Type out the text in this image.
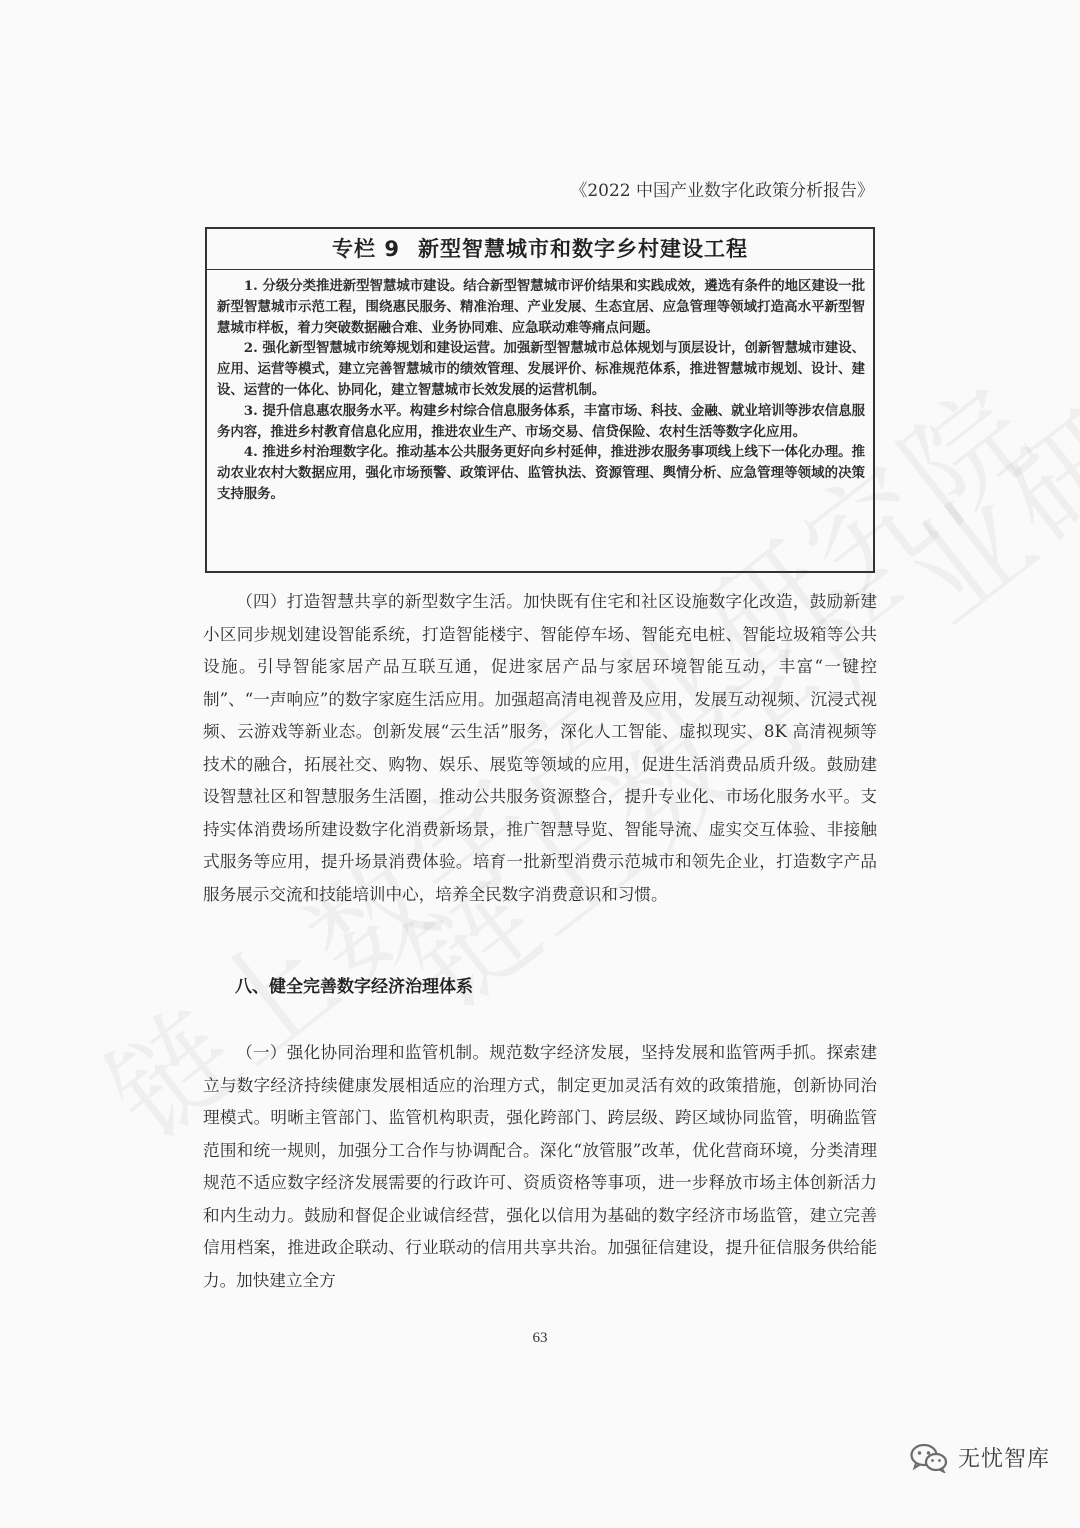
《2022 中国产业数字化政策分析报告》
专栏 9 新型智慧城市和数字乡村建设工程

1. 分级分类推进新型智慧城市建设。结合新型智慧城市评价结果和实践成效，遴选有条件的地区建设一批新型智慧城市示范工程，围绕惠民服务、精准治理、产业发展、生态宜居、应急管理等领域打造高水平新型智慧城市样板，着力突破数据融合难、业务协同难、应急联动难等痛点问题。

2. 强化新型智慧城市统筹规划和建设运营。加强新型智慧城市总体规划与顶层设计，创新智慧城市建设、应用、运营等模式，建立完善智慧城市的绩效管理、发展评价、标准规范体系，推进智慧城市规划、设计、建设、运营的一体化、协同化，建立智慧城市长效发展的运营机制。

3. 提升信息惠农服务水平。构建乡村综合信息服务体系，丰富市场、科技、金融、就业培训等涉农信息服务内容，推进乡村教育信息化应用，推进农业生产、市场交易、信贷保险、农村生活等数字化应用。

4. 推进乡村治理数字化。推动基本公共服务更好向乡村延伸，推进涉农服务事项线上线下一体化办理。推动农业农村大数据应用，强化市场预警、政策评估、监管执法、资源管理、舆情分析、应急管理等领域的决策支持服务。

（四）打造智慧共享的新型数字生活。加快既有住宅和社区设施数字化改造，鼓励新建小区同步规划建设智能系统，打造智能楼宇、智能停车场、智能充电桩、智能垃圾箱等公共设施。引导智能家居产品互联互通，促进家居产品与家居环境智能互动，丰富“一键控制”、“一声响应”的数字家庭生活应用。加强超高清电视普及应用，发展互动视频、沉浸式视频、云游戏等新业态。创新发展“云生活”服务，深化人工智能、虚拟现实、8K 高清视频等技术的融合，拓展社交、购物、娱乐、展览等领域的应用，促进生活消费品质升级。鼓励建设智慧社区和智慧服务生活圈，推动公共服务资源整合，提升专业化、市场化服务水平。支持实体消费场所建设数字化消费新场景，推广智慧导览、智能导流、虚实交互体验、非接触式服务等应用，提升场景消费体验。培育一批新型消费示范城市和领先企业，打造数字产品服务展示交流和技能培训中心，培养全民数字消费意识和习惯。

八、健全完善数字经济治理体系

（一）强化协同治理和监管机制。规范数字经济发展，坚持发展和监管两手抓。探索建立与数字经济持续健康发展相适应的治理方式，制定更加灵活有效的政策措施，创新协同治理模式。明晰主管部门、监管机构职责，强化跨部门、跨层级、跨区域协同监管，明确监管范围和统一规则，加强分工合作与协调配合。深化“放管服”改革，优化营商环境，分类清理规范不适应数字经济发展需要的行政许可、资质资格等事项，进一步释放市场主体创新活力和内生动力。鼓励和督促企业诚信经营，强化以信用为基础的数字经济市场监管，建立完善信用档案，推进政企联动、行业联动的信用共享共治。加强征信建设，提升征信服务供给能力。加快建立全方

63
无忧智库
